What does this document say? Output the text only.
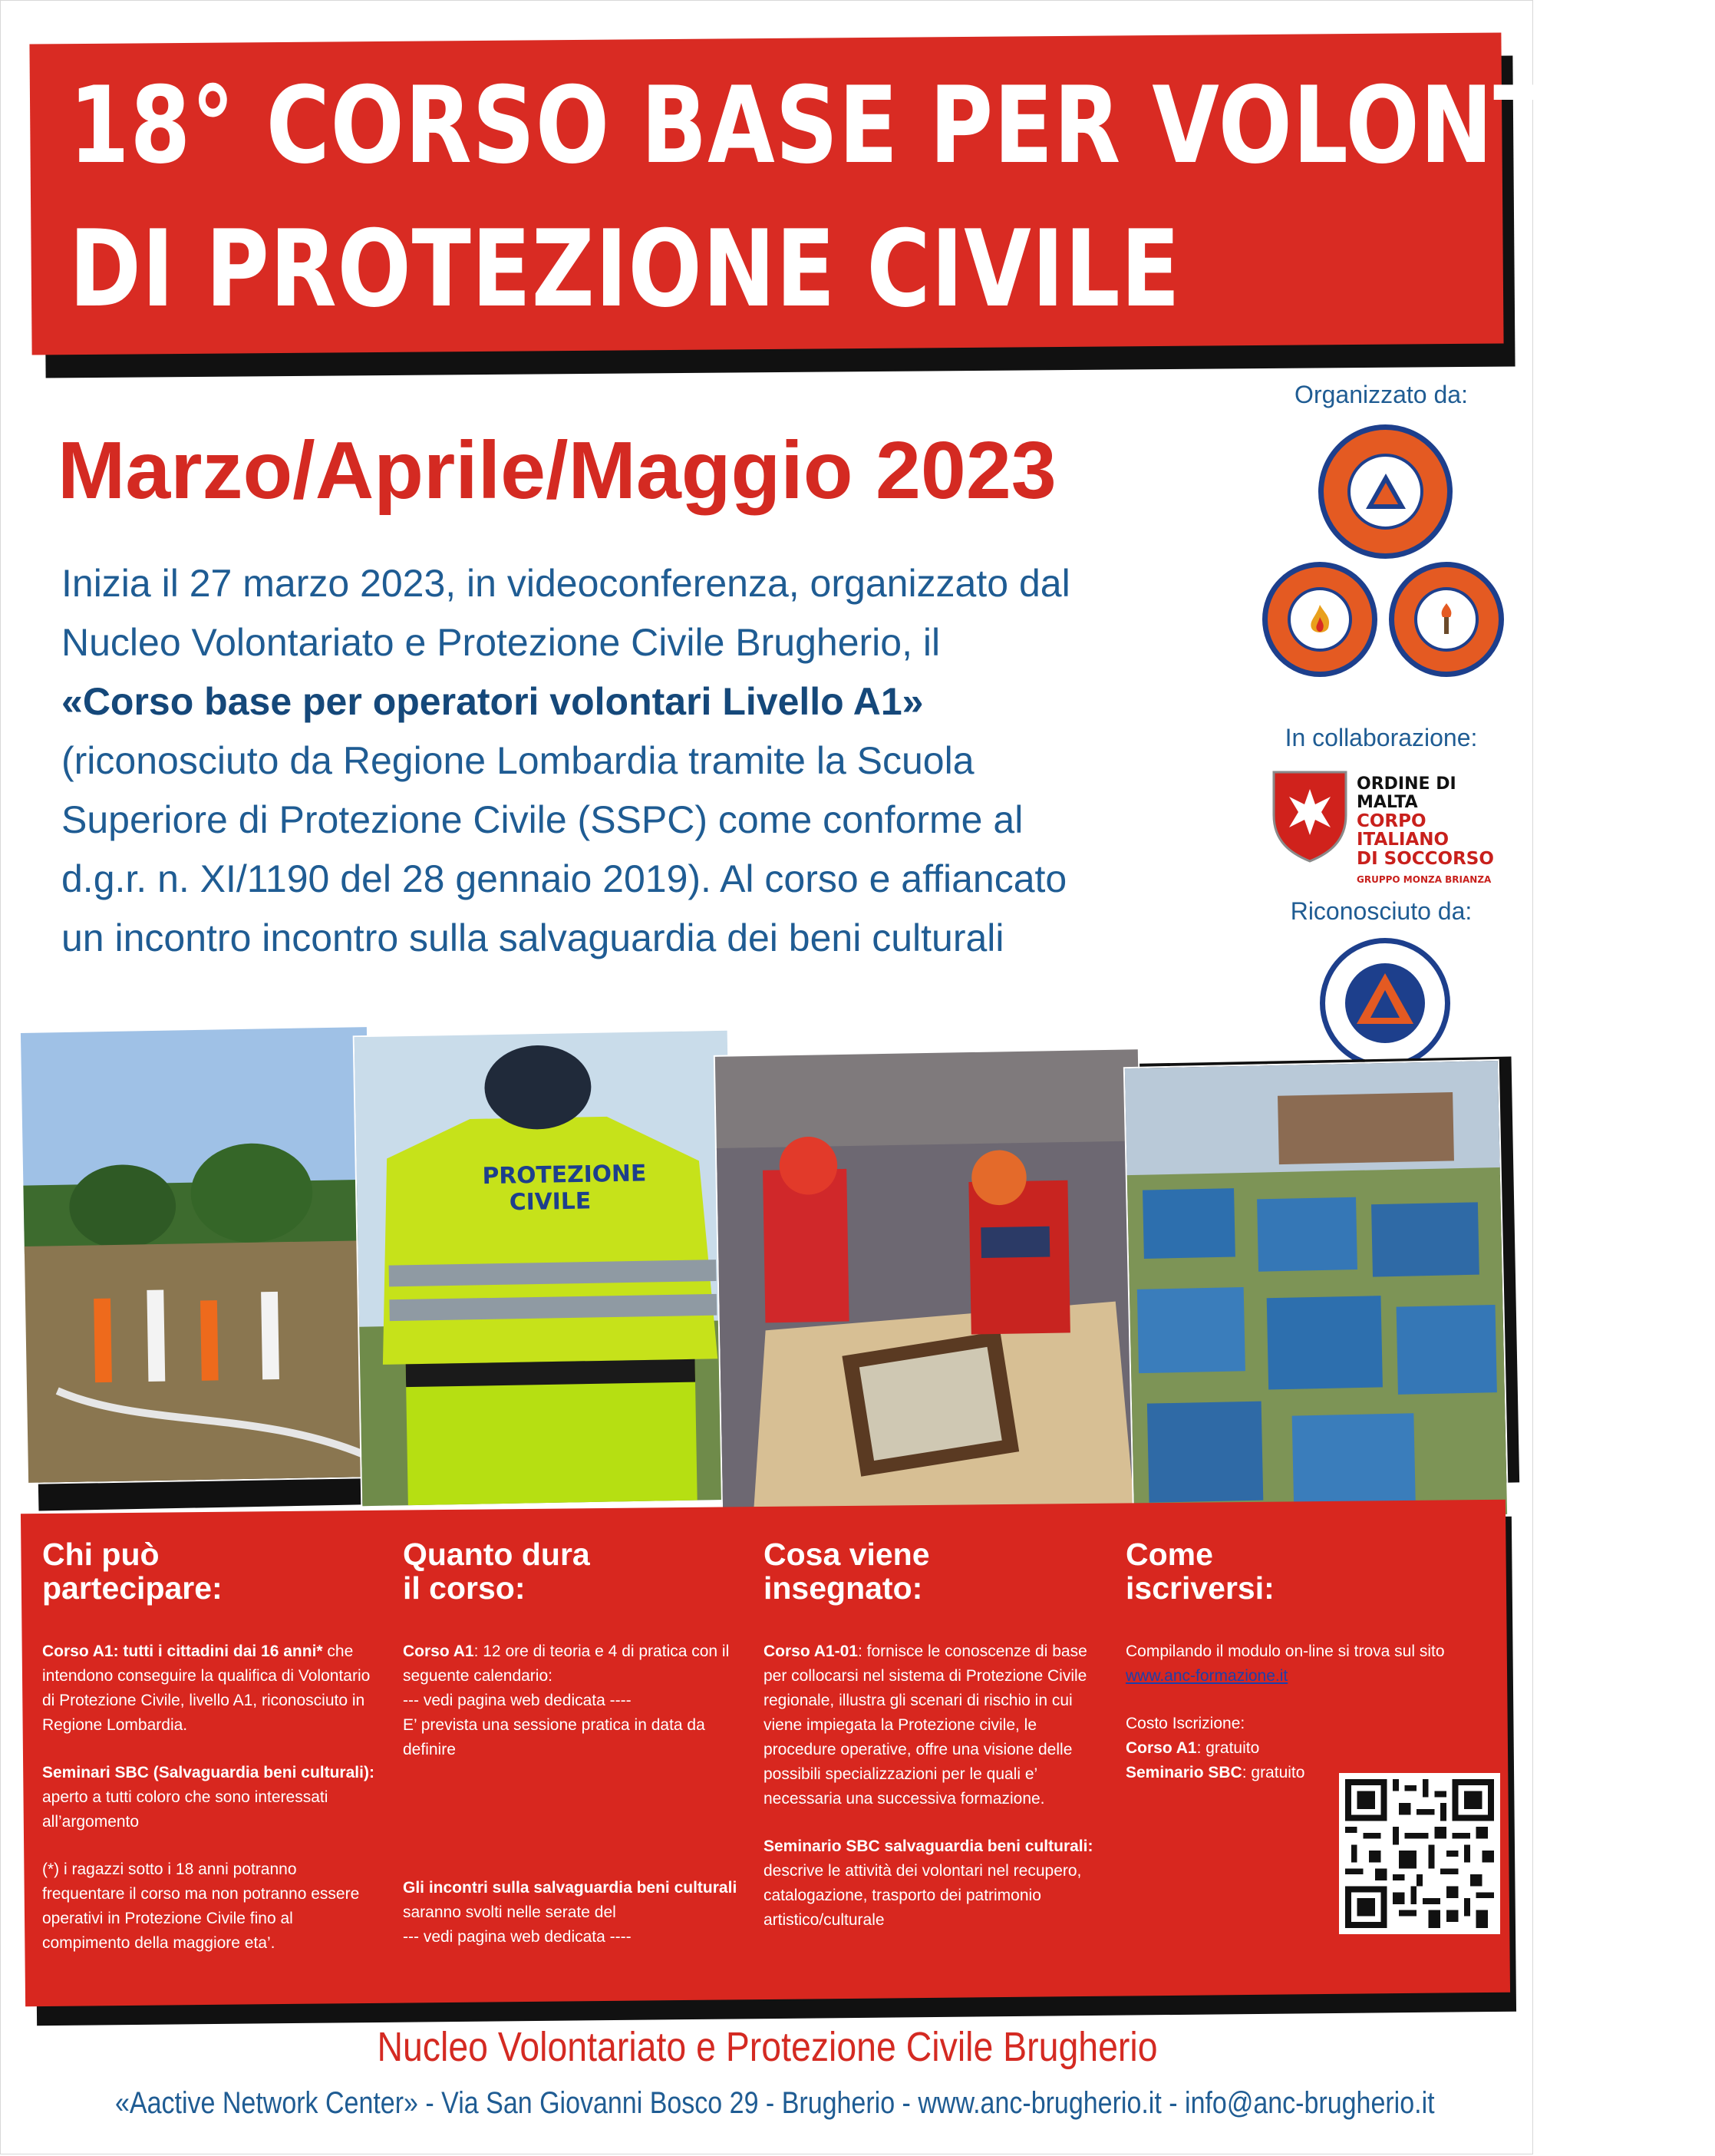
18° CORSO BASE PER VOLONTARI
DI PROTEZIONE CIVILE
Marzo/Aprile/Maggio 2023

Inizia il 27 marzo 2023, in videoconferenza, organizzato dal
Nucleo Volontariato e Protezione Civile Brugherio, il
«Corso base per operatori volontari Livello A1»
(riconosciuto da Regione Lombardia tramite la Scuola
Superiore di Protezione Civile (SSPC) come conforme al
d.g.r. n. XI/1190 del 28 gennaio 2019). Al corso e affiancato
un incontro incontro sulla salvaguardia dei beni culturali

Organizzato da:
In collaborazione:
ORDINE DI MALTA
CORPO ITALIANO
DI SOCCORSO
GRUPPO MONZA BRIANZA
Riconosciuto da:
PROTEZIONE
CIVILE
Chi può
partecipare:

Corso A1: tutti i cittadini dai 16 anni* che intendono conseguire la qualifica di Volontario di Protezione Civile, livello A1, riconosciuto in Regione Lombardia.

Seminari SBC (Salvaguardia beni culturali): aperto a tutti coloro che sono interessati all’argomento

(*) i ragazzi sotto i 18 anni potranno frequentare il corso ma non potranno essere operativi in Protezione Civile fino al compimento della maggiore eta’.

Quanto dura
il corso:

Corso A1: 12 ore di teoria e 4 di pratica con il seguente calendario:
--- vedi pagina web dedicata ----
E’ prevista una sessione pratica in data da definire

Gli incontri sulla salvaguardia beni culturali saranno svolti nelle serate del
--- vedi pagina web dedicata ----

Cosa viene
insegnato:

Corso A1-01: fornisce le conoscenze di base per collocarsi nel sistema di Protezione Civile regionale, illustra gli scenari di rischio in cui viene impiegata la Protezione civile, le procedure operative, offre una visione delle possibili specializzazioni per le quali e’ necessaria una successiva formazione.

Seminario SBC salvaguardia beni culturali: descrive le attività dei volontari nel recupero, catalogazione, trasporto dei patrimonio artistico/culturale

Come
iscriversi:

Compilando il modulo on-line si trova sul sito www.anc-formazione.it

Costo Iscrizione:
Corso A1: gratuito
Seminario SBC: gratuito

Nucleo Volontariato e Protezione Civile Brugherio
«Aactive Network Center» - Via San Giovanni Bosco 29 - Brugherio - www.anc-brugherio.it - info@anc-brugherio.it
